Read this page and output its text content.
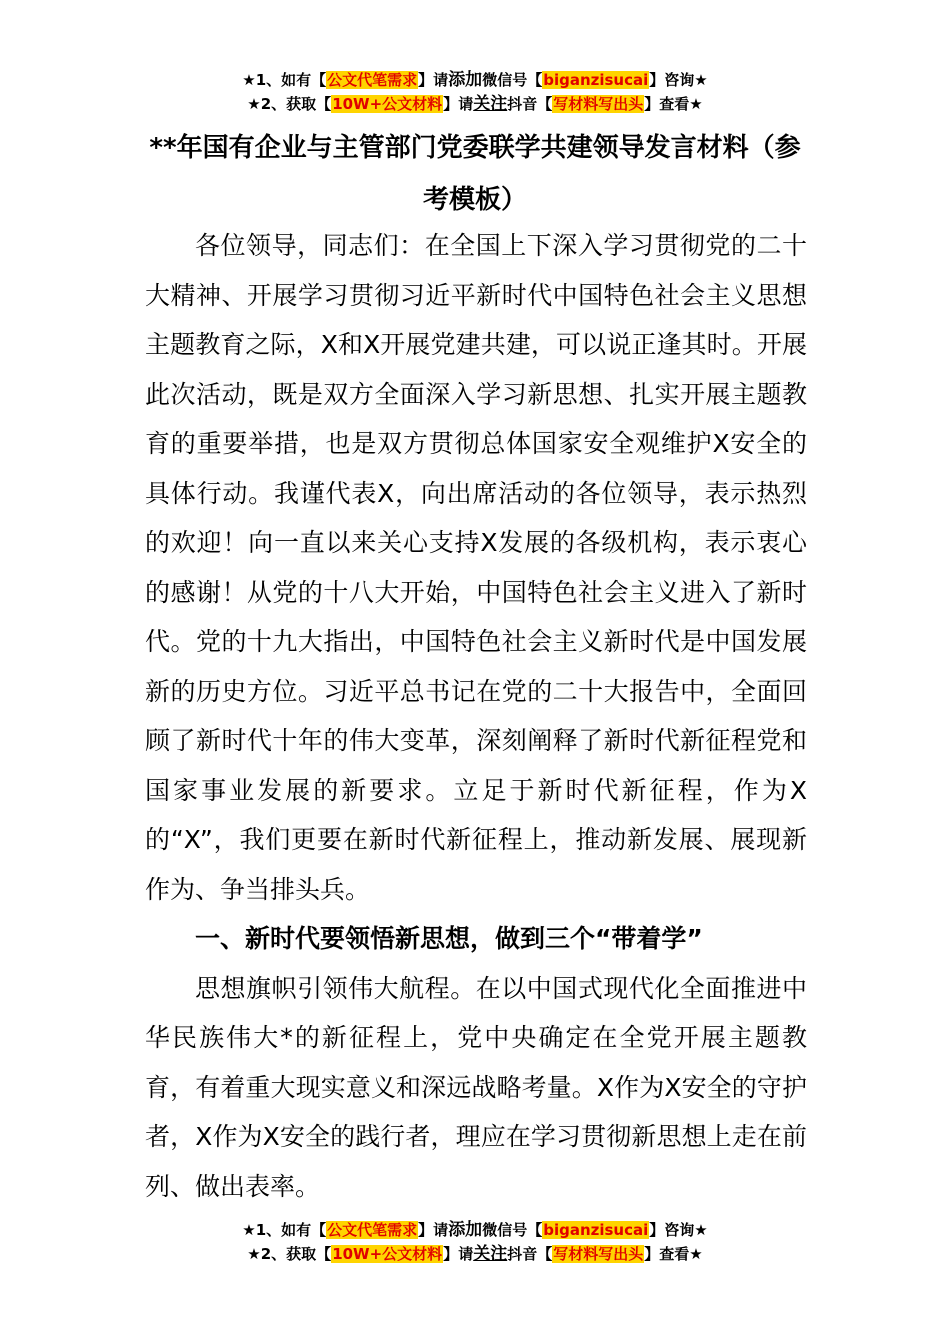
★1、如有【公文代笔需求】请添加微信号【biganzisucai】咨询★
★2、获取【10W+公文材料】请关注抖音【写材料写出头】查看★
**年国有企业与主管部门党委联学共建领导发言材料（参考模板）

各位领导，同志们：在全国上下深入学习贯彻党的二十大精神、开展学习贯彻习近平新时代中国特色社会主义思想主题教育之际，X和X开展党建共建，可以说正逢其时。开展此次活动，既是双方全面深入学习新思想、扎实开展主题教育的重要举措，也是双方贯彻总体国家安全观维护X安全的具体行动。我谨代表X，向出席活动的各位领导，表示热烈的欢迎！向一直以来关心支持X发展的各级机构，表示衷心的感谢！从党的十八大开始，中国特色社会主义进入了新时代。党的十九大指出，中国特色社会主义新时代是中国发展新的历史方位。习近平总书记在党的二十大报告中，全面回顾了新时代十年的伟大变革，深刻阐释了新时代新征程党和国家事业发展的新要求。立足于新时代新征程，作为X的“X”，我们更要在新时代新征程上，推动新发展、展现新作为、争当排头兵。

一、新时代要领悟新思想，做到三个“带着学”

思想旗帜引领伟大航程。在以中国式现代化全面推进中华民族伟大*的新征程上，党中央确定在全党开展主题教育，有着重大现实意义和深远战略考量。X作为X安全的守护者，X作为X安全的践行者，理应在学习贯彻新思想上走在前列、做出表率。

★1、如有【公文代笔需求】请添加微信号【biganzisucai】咨询★
★2、获取【10W+公文材料】请关注抖音【写材料写出头】查看★
